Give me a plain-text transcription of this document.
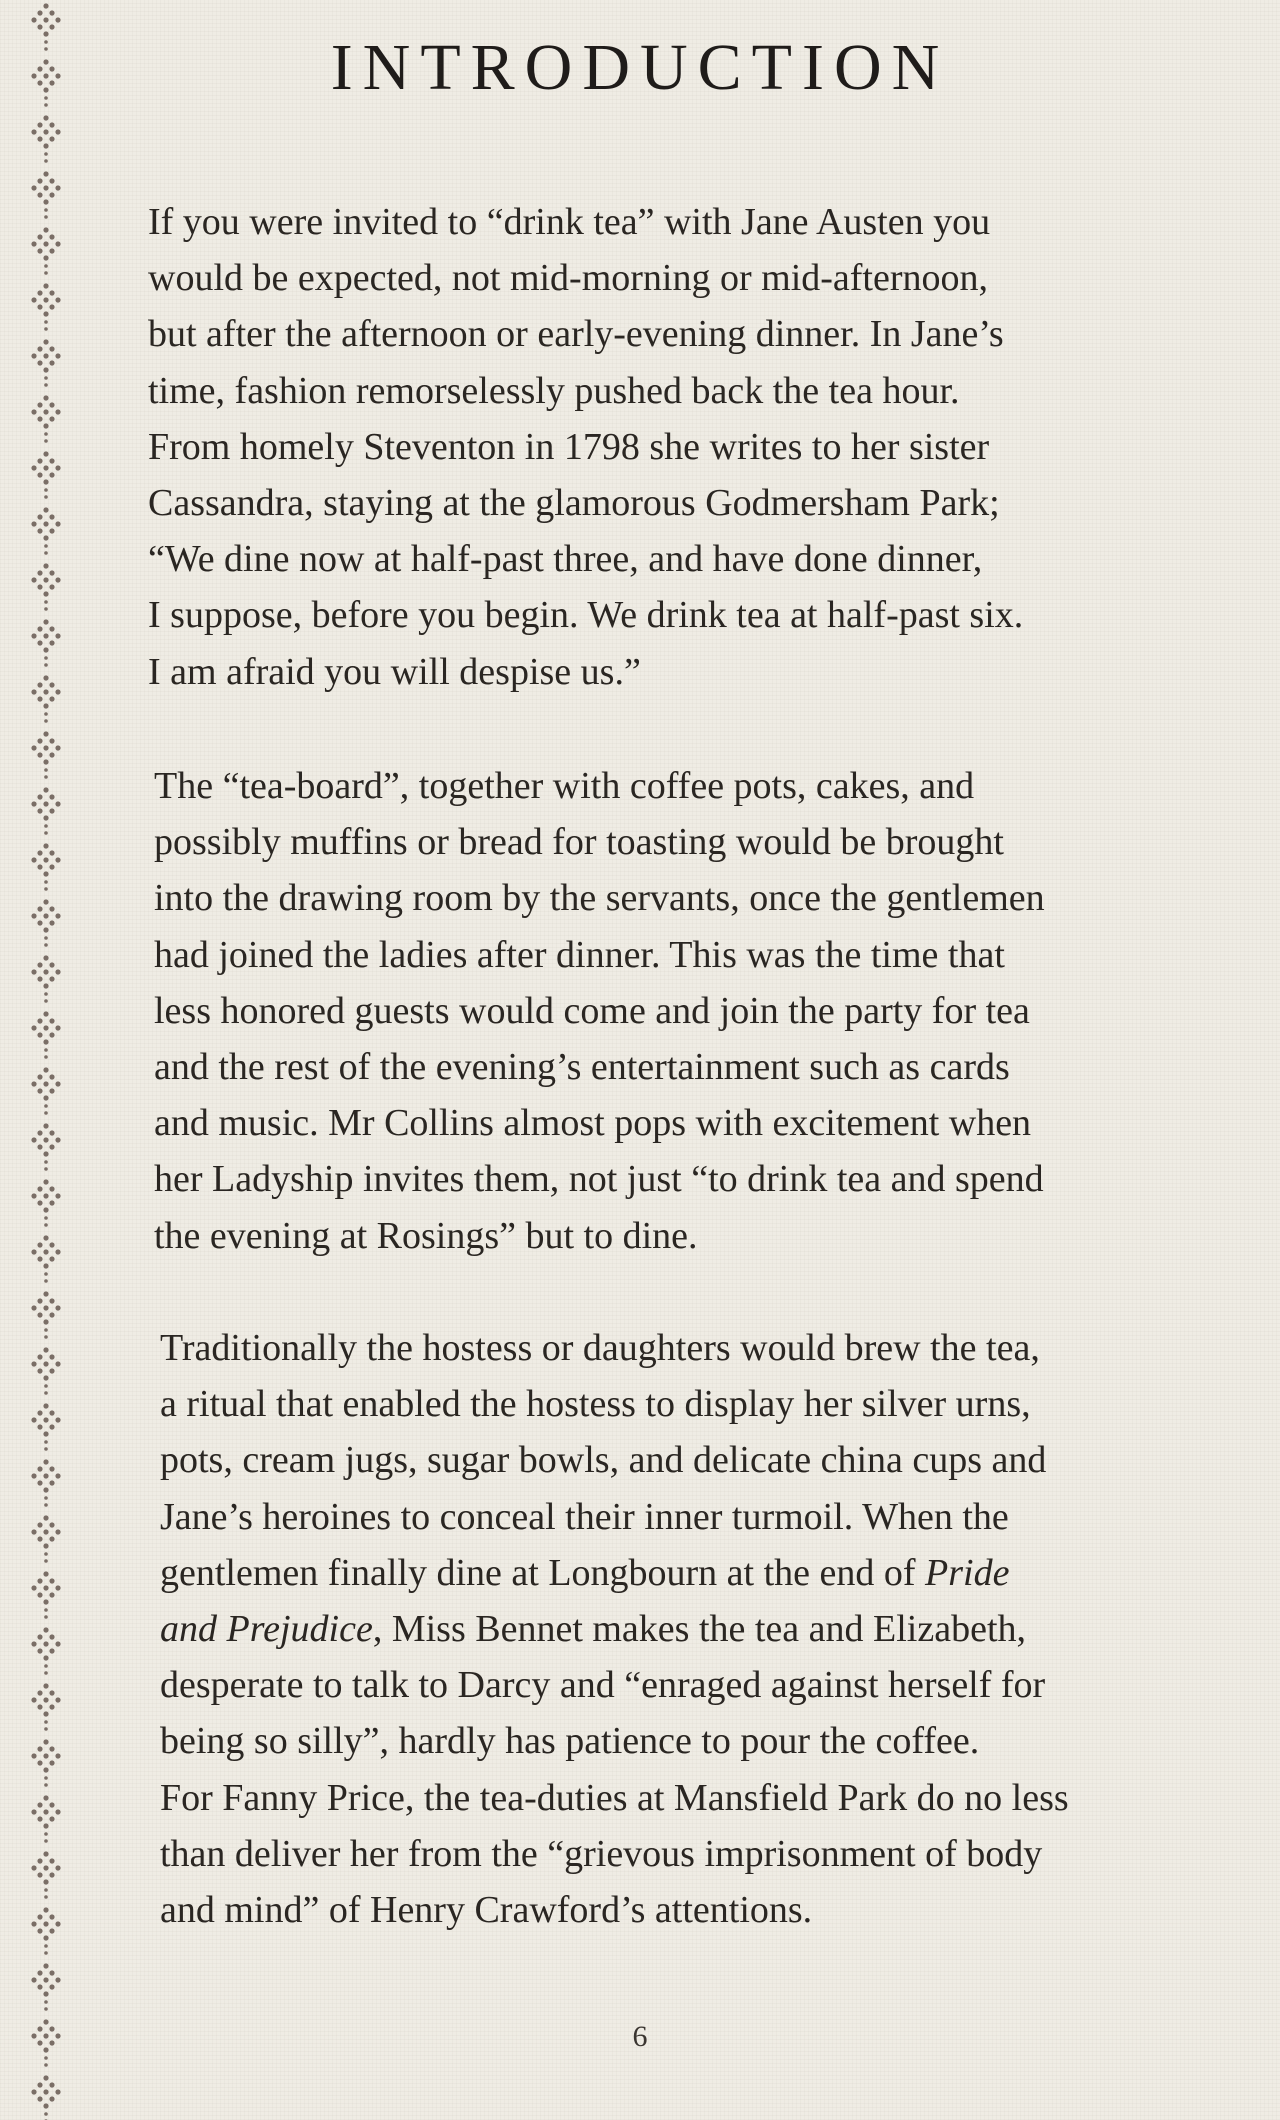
INTRODUCTION

If you were invited to “drink tea” with Jane Austen you
would be expected, not mid-morning or mid-afternoon,
but after the afternoon or early-evening dinner. In Jane’s
time, fashion remorselessly pushed back the tea hour.
From homely Steventon in 1798 she writes to her sister
Cassandra, staying at the glamorous Godmersham Park;
“We dine now at half-past three, and have done dinner,
I suppose, before you begin. We drink tea at half-past six.
I am afraid you will despise us.”

The “tea-board”, together with coffee pots, cakes, and
possibly muffins or bread for toasting would be brought
into the drawing room by the servants, once the gentlemen
had joined the ladies after dinner. This was the time that
less honored guests would come and join the party for tea
and the rest of the evening’s entertainment such as cards
and music. Mr Collins almost pops with excitement when
her Ladyship invites them, not just “to drink tea and spend
the evening at Rosings” but to dine.

Traditionally the hostess or daughters would brew the tea,
a ritual that enabled the hostess to display her silver urns,
pots, cream jugs, sugar bowls, and delicate china cups and
Jane’s heroines to conceal their inner turmoil. When the
gentlemen finally dine at Longbourn at the end of Pride
and Prejudice, Miss Bennet makes the tea and Elizabeth,
desperate to talk to Darcy and “enraged against herself for
being so silly”, hardly has patience to pour the coffee.
For Fanny Price, the tea-duties at Mansfield Park do no less
than deliver her from the “grievous imprisonment of body
and mind” of Henry Crawford’s attentions.

6
